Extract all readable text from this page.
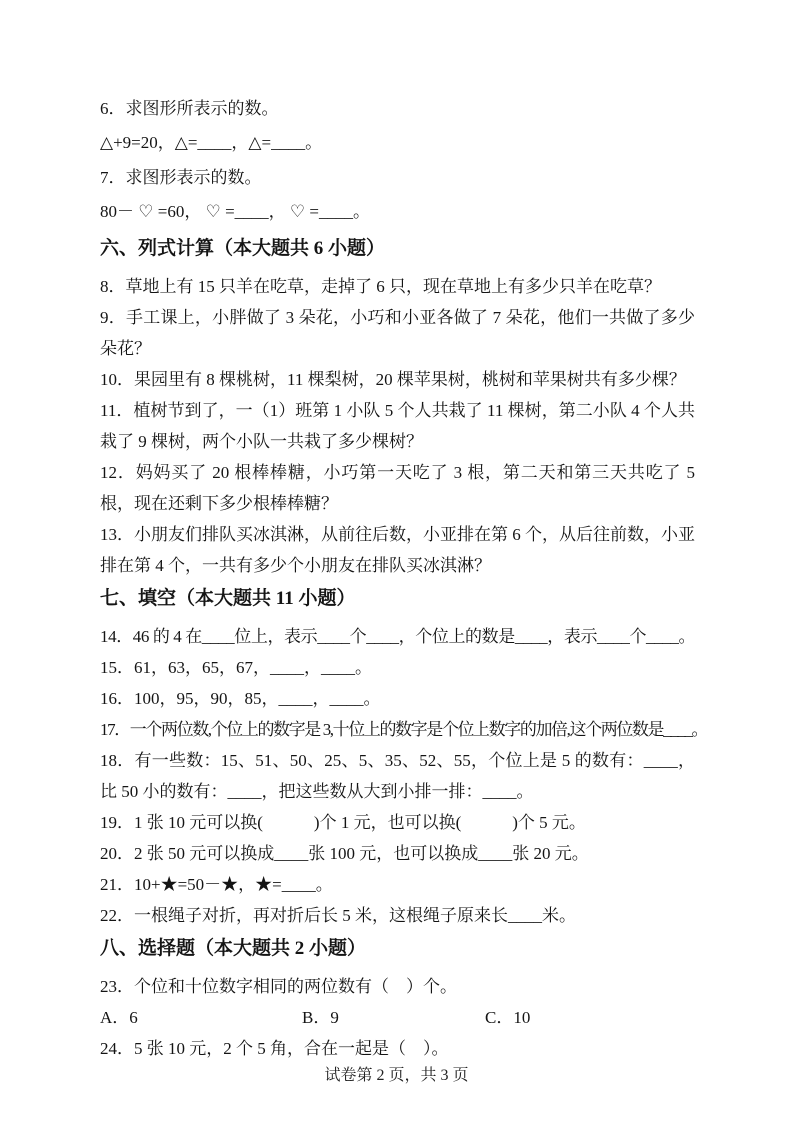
6．求图形所表示的数。

△+9=20，△=____，△=____。

7．求图形表示的数。

80－ ♡ =60， ♡ =____， ♡ =____。

六、列式计算（本大题共 6 小题）

8．草地上有 15 只羊在吃草，走掉了 6 只，现在草地上有多少只羊在吃草？

9．手工课上，小胖做了 3 朵花，小巧和小亚各做了 7 朵花，他们一共做了多少朵花？

10．果园里有 8 棵桃树，11 棵梨树，20 棵苹果树，桃树和苹果树共有多少棵？

11．植树节到了，一（1）班第 1 小队 5 个人共栽了 11 棵树，第二小队 4 个人共栽了 9 棵树，两个小队一共栽了多少棵树？

12．妈妈买了 20 根棒棒糖，小巧第一天吃了 3 根，第二天和第三天共吃了 5 根，现在还剩下多少根棒棒糖？

13．小朋友们排队买冰淇淋，从前往后数，小亚排在第 6 个，从后往前数，小亚排在第 4 个，一共有多少个小朋友在排队买冰淇淋？

七、填空（本大题共 11 小题）

14．46 的 4 在____位上，表示____个____，个位上的数是____，表示____个____。

15．61，63，65，67，____，____。

16．100，95，90，85，____，____。

17．一个两位数,个位上的数字是 3,十位上的数字是个位上数字的加倍,这个两位数是____。

18．有一些数：15、51、50、25、5、35、52、55，个位上是 5 的数有：____，比 50 小的数有：____，把这些数从大到小排一排：____。

19．1 张 10 元可以换(　　　)个 1 元，也可以换(　　　)个 5 元。

20．2 张 50 元可以换成____张 100 元，也可以换成____张 20 元。

21．10+★=50－★，★=____。

22．一根绳子对折，再对折后长 5 米，这根绳子原来长____米。

八、选择题（本大题共 2 小题）

23．个位和十位数字相同的两位数有（　）个。

A．6	B．9	C．10

24．5 张 10 元，2 个 5 角，合在一起是（　）。

试卷第 2 页，共 3 页
